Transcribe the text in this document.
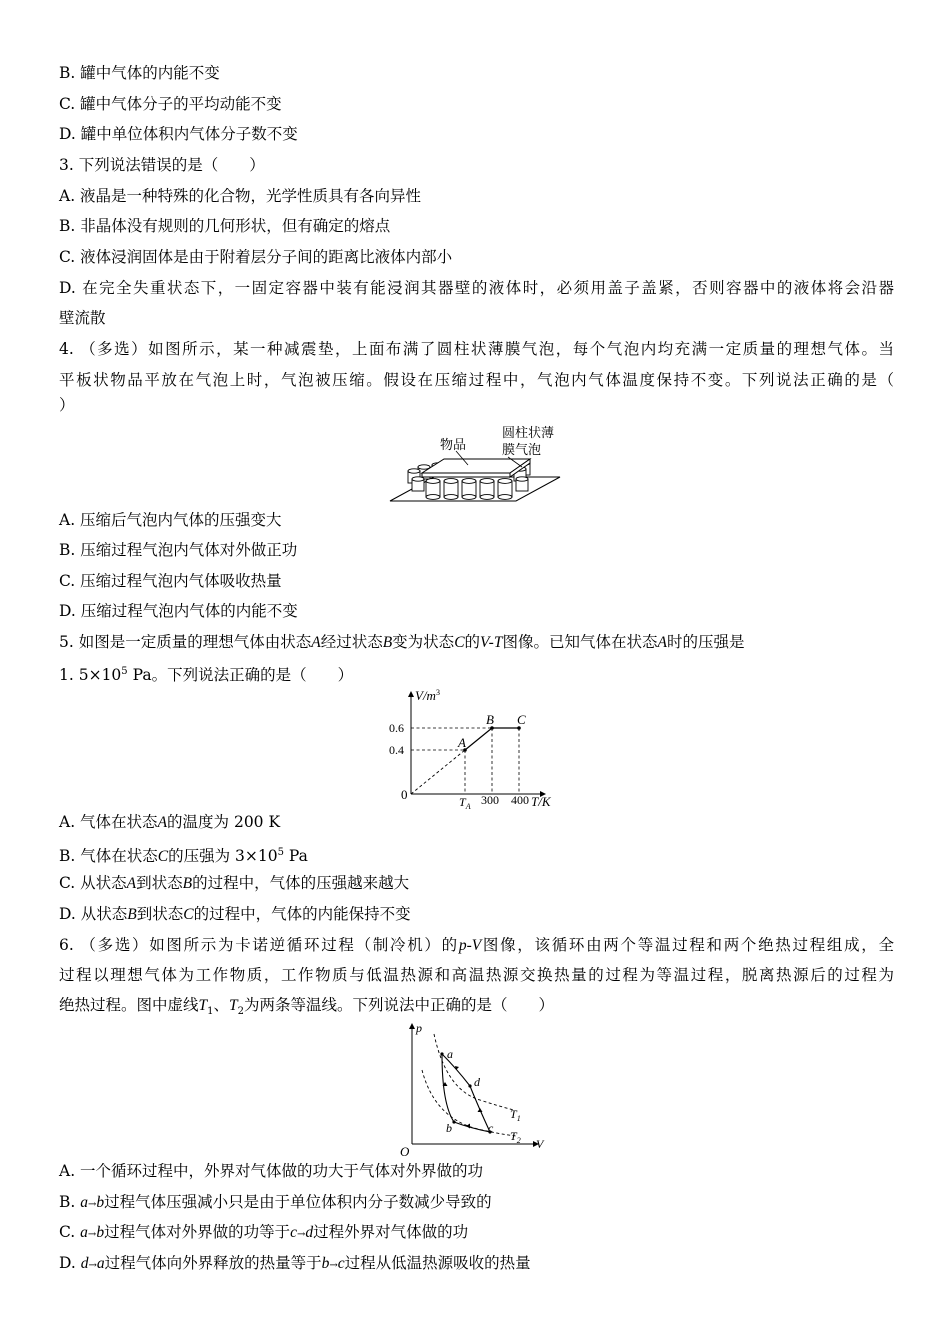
B. 罐中气体的内能不变
C. 罐中气体分子的平均动能不变
D. 罐中单位体积内气体分子数不变
3. 下列说法错误的是（　　）
A. 液晶是一种特殊的化合物，光学性质具有各向异性
B. 非晶体没有规则的几何形状，但有确定的熔点
C. 液体浸润固体是由于附着层分子间的距离比液体内部小
D. 在完全失重状态下，一固定容器中装有能浸润其器壁的液体时，必须用盖子盖紧，否则容器中的液体将会沿器
壁流散
4. （多选）如图所示，某一种减震垫，上面布满了圆柱状薄膜气泡，每个气泡内均充满一定质量的理想气体。当
平板状物品平放在气泡上时，气泡被压缩。假设在压缩过程中，气泡内气体温度保持不变。下列说法正确的是（
）
物品
圆柱状薄
膜气泡
A. 压缩后气泡内气体的压强变大
B. 压缩过程气泡内气体对外做正功
C. 压缩过程气泡内气体吸收热量
D. 压缩过程气泡内气体的内能不变
5. 如图是一定质量的理想气体由状态A经过状态B变为状态C的V-T图像。已知气体在状态A时的压强是
1. $5\times 10^5$ Pa。下列说法正确的是（　　）
$V/m^3$
T/K
0
0.6
0.4
$T_A$ 300 400
A
B C
A. 气体在状态A的温度为 200 K
B. 气体在状态C的压强为 $3\times 10^5$ Pa
C. 从状态A到状态B的过程中，气体的压强越来越大
D. 从状态B到状态C的过程中，气体的内能保持不变
6. （多选）如图所示为卡诺逆循环过程（制冷机）的p-V图像，该循环由两个等温过程和两个绝热过程组成，全
过程以理想气体为工作物质，工作物质与低温热源和高温热源交换热量的过程为等温过程，脱离热源后的过程为
绝热过程。图中虚线$T_1$、$T_2$为两条等温线。下列说法中正确的是（　　）
p
V
O
a
b	c
d
$T_1$
$T_2$
A. 一个循环过程中，外界对气体做的功大于气体对外界做的功
B. a→b过程气体压强减小只是由于单位体积内分子数减少导致的
C. a→b过程气体对外界做的功等于c→d过程外界对气体做的功
D. d→a过程气体向外界释放的热量等于b→c过程从低温热源吸收的热量
